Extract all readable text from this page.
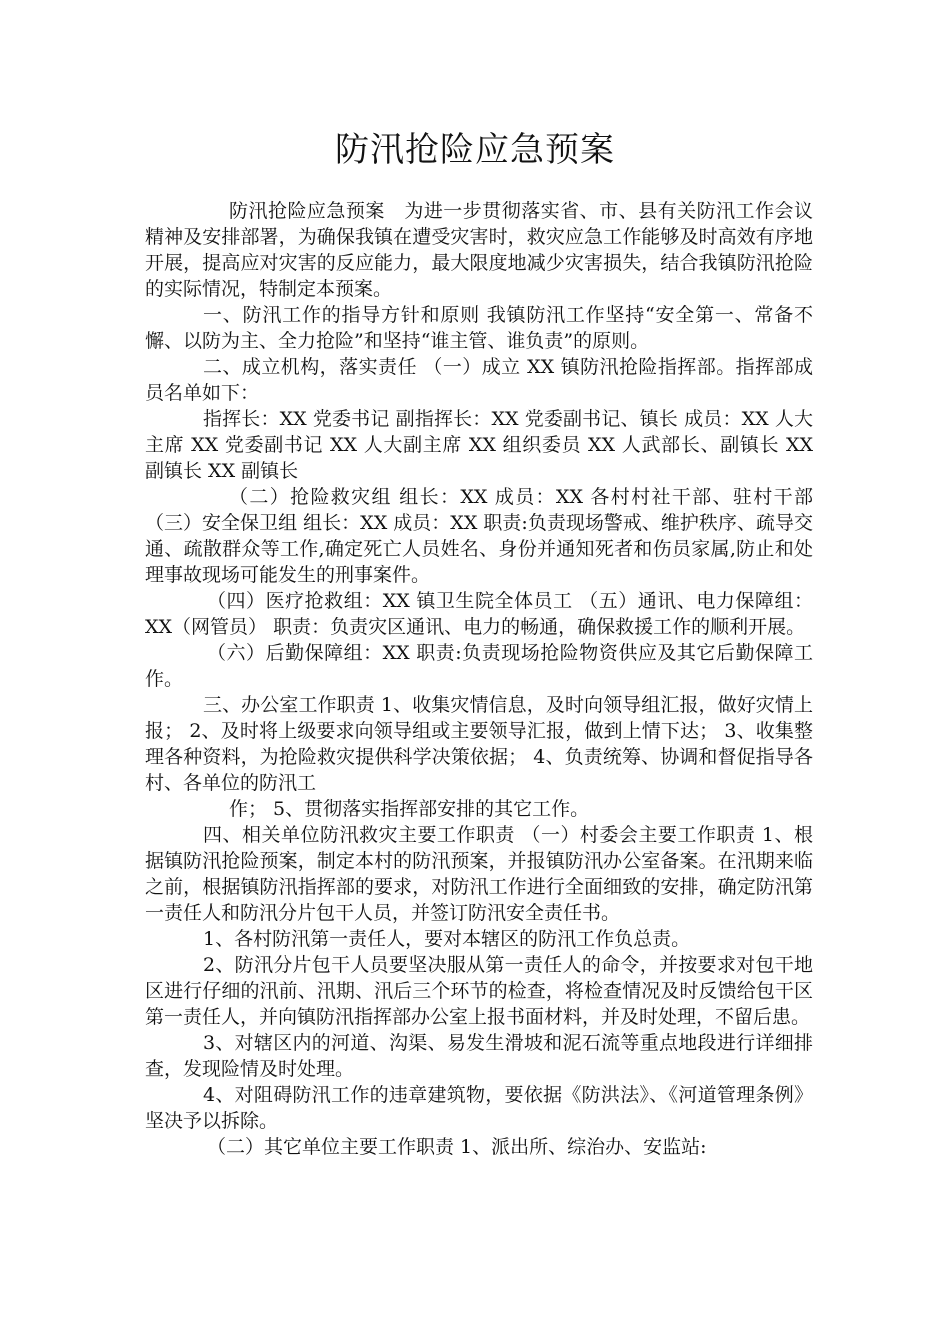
防汛抢险应急预案

防汛抢险应急预案　为进一步贯彻落实省、市、县有关防汛工作会议精神及安排部署，为确保我镇在遭受灾害时，救灾应急工作能够及时高效有序地开展，提高应对灾害的反应能力，最大限度地减少灾害损失，结合我镇防汛抢险的实际情况，特制定本预案。

一、防汛工作的指导方针和原则 我镇防汛工作坚持“安全第一、常备不懈、以防为主、全力抢险”和坚持“谁主管、谁负责”的原则。

二、成立机构，落实责任 （一）成立 XX 镇防汛抢险指挥部。指挥部成员名单如下：

指挥长：XX 党委书记 副指挥长：XX 党委副书记、镇长 成员：XX 人大主席 XX 党委副书记 XX 人大副主席 XX 组织委员 XX 人武部长、副镇长 XX 副镇长 XX 副镇长

（二）抢险救灾组 组长：XX 成员：XX 各村村社干部、驻村干部 （三）安全保卫组 组长：XX 成员：XX 职责:负责现场警戒、维护秩序、疏导交通、疏散群众等工作,确定死亡人员姓名、身份并通知死者和伤员家属,防止和处理事故现场可能发生的刑事案件。

（四）医疗抢救组：XX 镇卫生院全体员工 （五）通讯、电力保障组：XX（网管员） 职责：负责灾区通讯、电力的畅通，确保救援工作的顺利开展。

（六）后勤保障组：XX 职责:负责现场抢险物资供应及其它后勤保障工作。

三、办公室工作职责 1、收集灾情信息，及时向领导组汇报，做好灾情上报； 2、及时将上级要求向领导组或主要领导汇报，做到上情下达； 3、收集整理各种资料，为抢险救灾提供科学决策依据； 4、负责统筹、协调和督促指导各村、各单位的防汛工

作； 5、贯彻落实指挥部安排的其它工作。

四、相关单位防汛救灾主要工作职责 （一）村委会主要工作职责 1、根据镇防汛抢险预案，制定本村的防汛预案，并报镇防汛办公室备案。在汛期来临之前，根据镇防汛指挥部的要求，对防汛工作进行全面细致的安排，确定防汛第一责任人和防汛分片包干人员，并签订防汛安全责任书。

1、各村防汛第一责任人，要对本辖区的防汛工作负总责。

2、防汛分片包干人员要坚决服从第一责任人的命令，并按要求对包干地区进行仔细的汛前、汛期、汛后三个环节的检查，将检查情况及时反馈给包干区第一责任人，并向镇防汛指挥部办公室上报书面材料，并及时处理，不留后患。

3、对辖区内的河道、沟渠、易发生滑坡和泥石流等重点地段进行详细排查，发现险情及时处理。

4、对阻碍防汛工作的违章建筑物，要依据《防洪法》、《河道管理条例》坚决予以拆除。

（二）其它单位主要工作职责 1、派出所、综治办、安监站:
